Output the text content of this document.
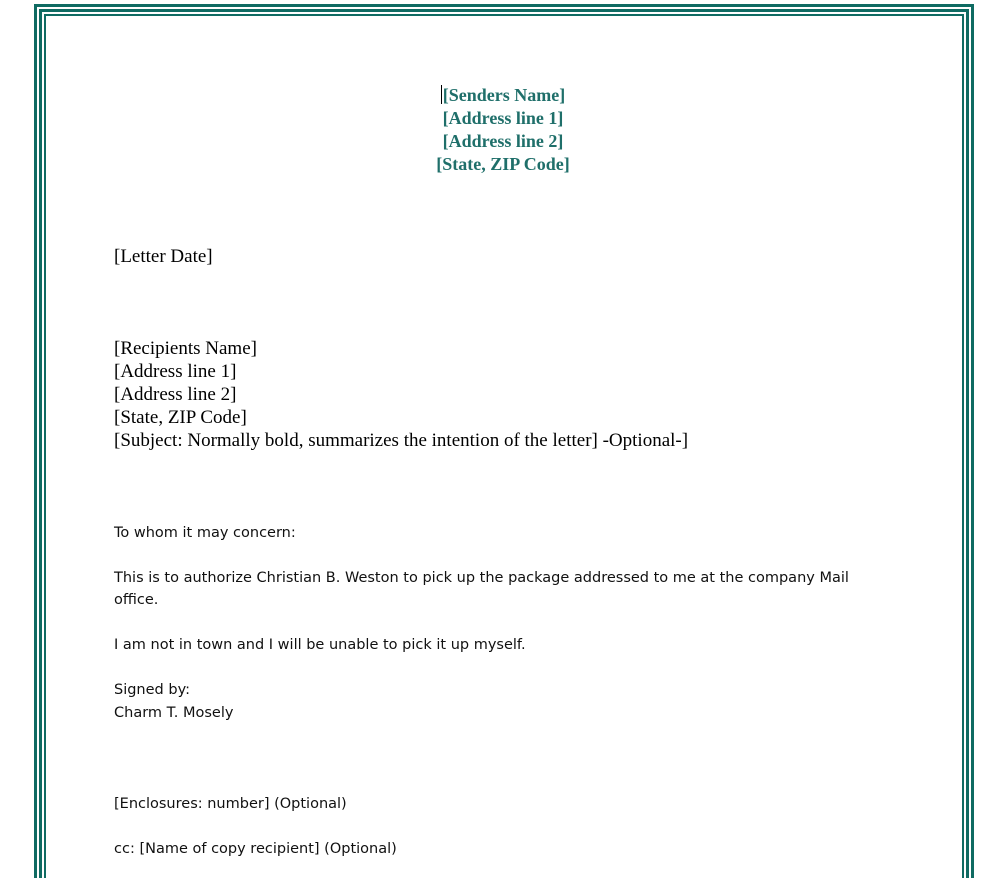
[Senders Name]
[Address line 1]
[Address line 2]
[State, ZIP Code]
[Letter Date]
[Recipients Name]
[Address line 1]
[Address line 2]
[State, ZIP Code]
[Subject: Normally bold, summarizes the intention of the letter] -Optional-]
To whom it may concern:
This is to authorize Christian B. Weston to pick up the package addressed to me at the company Mail
office.
I am not in town and I will be unable to pick it up myself.
Signed by:
Charm T. Mosely
[Enclosures: number] (Optional)
cc: [Name of copy recipient] (Optional)
